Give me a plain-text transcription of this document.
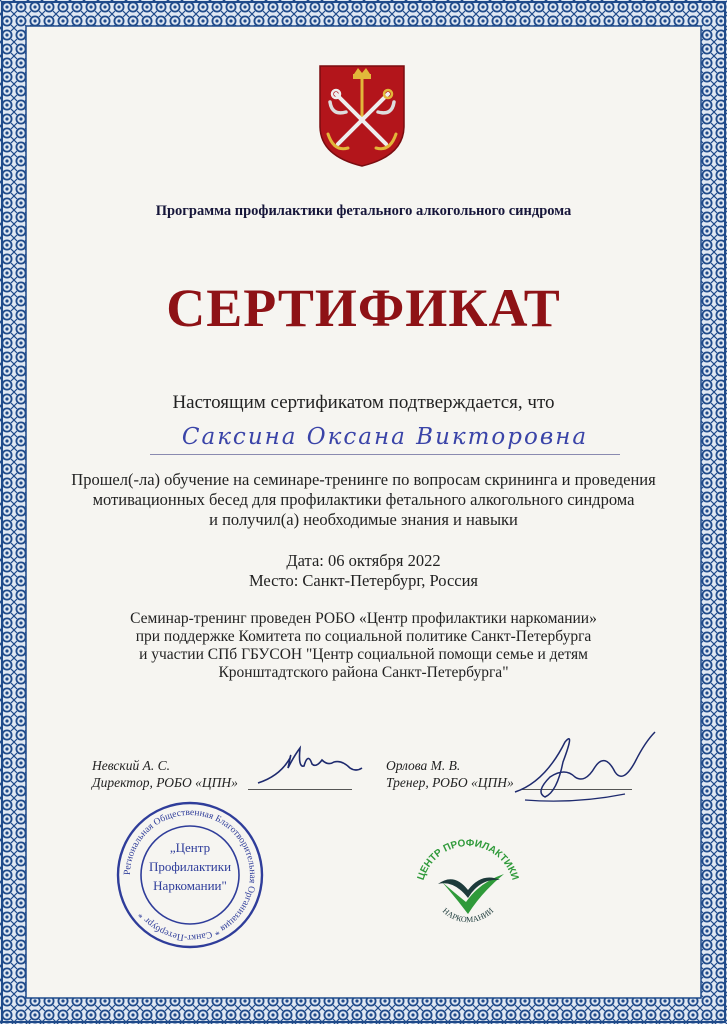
Программа профилактики фетального алкогольного синдрома
СЕРТИФИКАТ
Настоящим сертификатом подтверждается, что
Саксина Оксана Викторовна
Прошел(-ла) обучение на семинаре-тренинге по вопросам скрининга и проведения
мотивационных бесед для профилактики фетального алкогольного синдрома
и получил(а) необходимые знания и навыки
Дата: 06 октября 2022
Место: Санкт-Петербург, Россия
Семинар-тренинг проведен РОБО «Центр профилактики наркомании»
при поддержке Комитета по социальной политике Санкт-Петербурга
и участии СПб ГБУСОН "Центр социальной помощи семье и детям
Кронштадтского района Санкт-Петербурга"
Невский А. С.
Директор, РОБО «ЦПН»
Орлова М. В.
Тренер, РОБО «ЦПН»
Региональная Общественная Благотворительная Организация * Санкт-Петербург *
„Центр
Профилактики
Наркомании"
ЦЕНТР ПРОФИЛАКТИКИ
НАРКОМАНИИ
